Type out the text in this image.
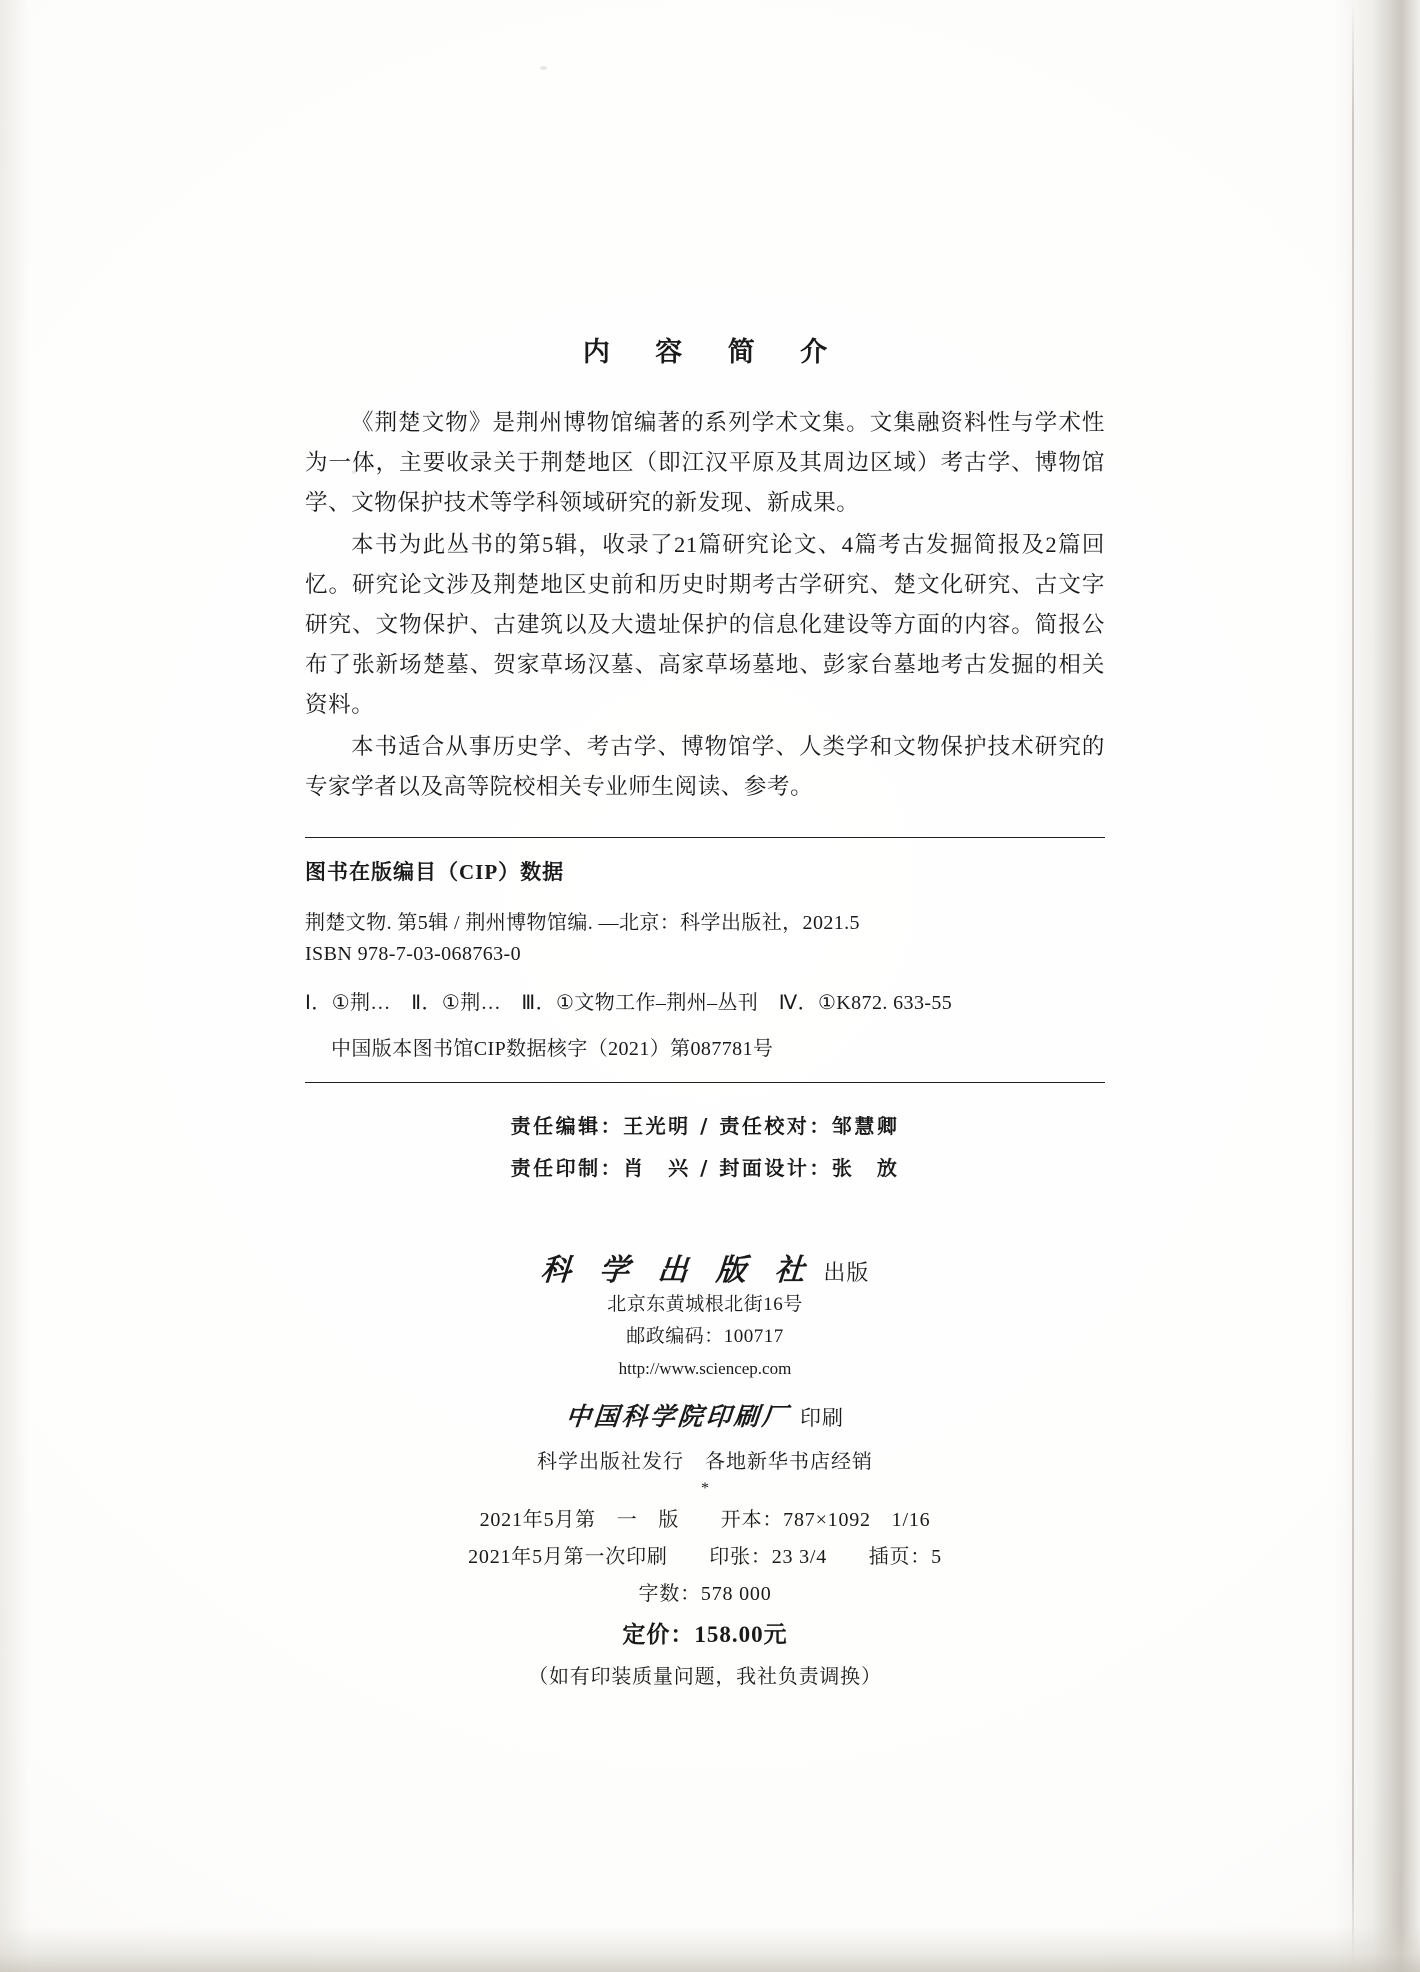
内 容 简 介

《荆楚文物》是荆州博物馆编著的系列学术文集。文集融资料性与学术性为一体，主要收录关于荆楚地区（即江汉平原及其周边区域）考古学、博物馆学、文物保护技术等学科领域研究的新发现、新成果。

本书为此丛书的第5辑，收录了21篇研究论文、4篇考古发掘简报及2篇回忆。研究论文涉及荆楚地区史前和历史时期考古学研究、楚文化研究、古文字研究、文物保护、古建筑以及大遗址保护的信息化建设等方面的内容。简报公布了张新场楚墓、贺家草场汉墓、高家草场墓地、彭家台墓地考古发掘的相关资料。

本书适合从事历史学、考古学、博物馆学、人类学和文物保护技术研究的专家学者以及高等院校相关专业师生阅读、参考。

图书在版编目（CIP）数据
荆楚文物. 第5辑 / 荆州博物馆编. —北京：科学出版社，2021.5
ISBN 978-7-03-068763-0
Ⅰ．①荆…　Ⅱ．①荆…　Ⅲ．①文物工作–荆州–丛刊　Ⅳ．①K872. 633-55
中国版本图书馆CIP数据核字（2021）第087781号
责任编辑：王光明 / 责任校对：邹慧卿
责任印制：肖　兴 / 封面设计：张　放
科 学 出 版 社 出版
北京东黄城根北街16号
邮政编码：100717
http://www.sciencep.com
中国科学院印刷厂 印刷
科学出版社发行　各地新华书店经销
*
2021年5月第　一　版　　开本：787×1092　1/16
2021年5月第一次印刷　　印张：23 3/4　　插页：5
字数：578 000
定价：158.00元
（如有印装质量问题，我社负责调换）
